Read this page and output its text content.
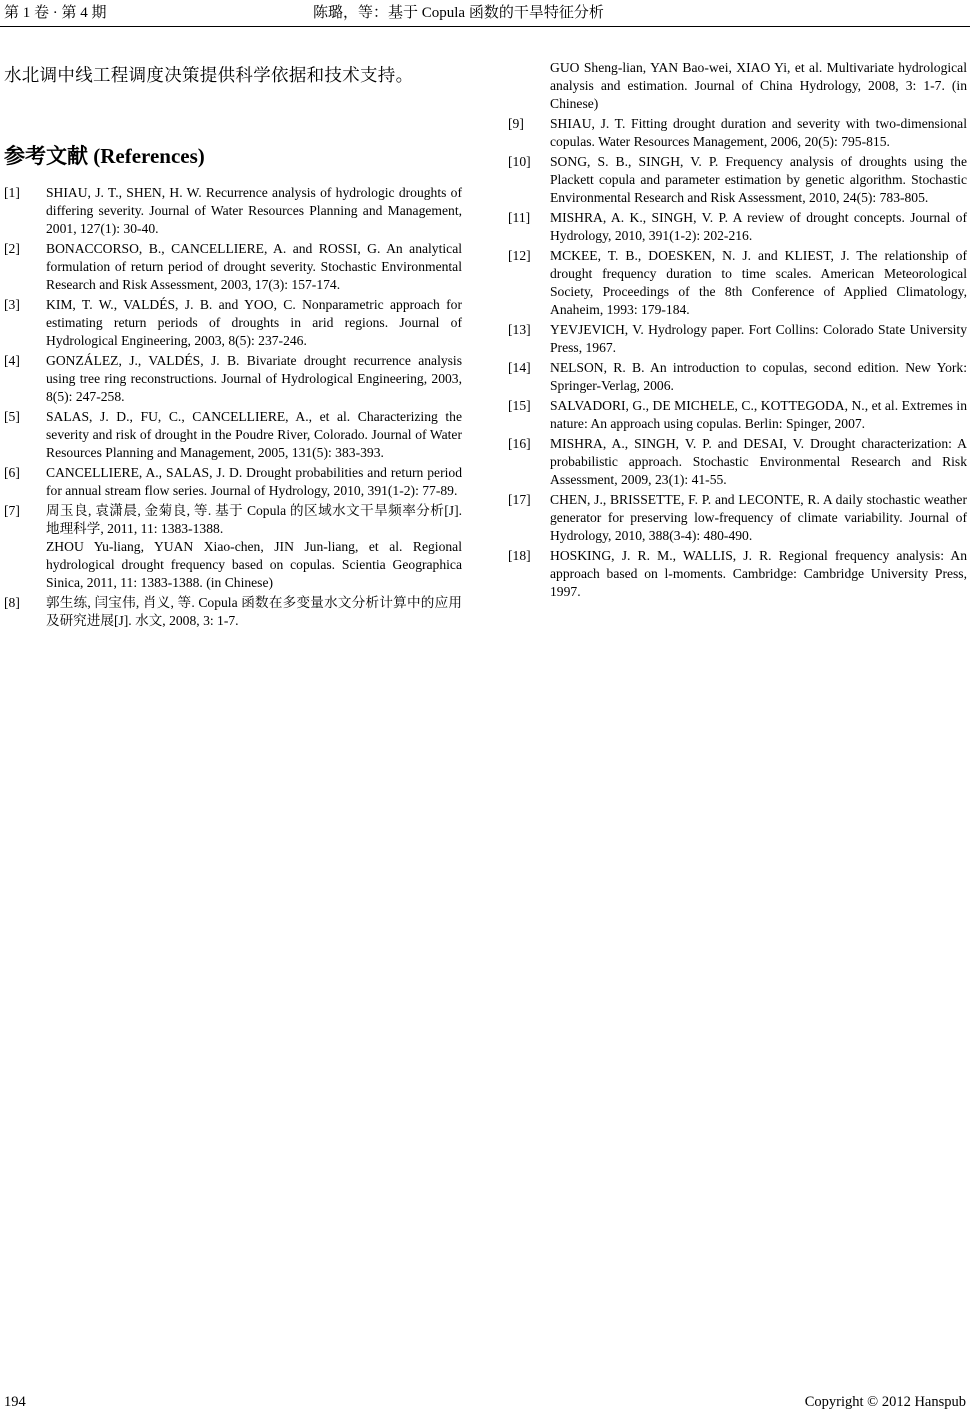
第 1 卷 · 第 4 期	陈璐，等：基于 Copula 函数的干旱特征分析
水北调中线工程调度决策提供科学依据和技术支持。
参考文献 (References)
[1] SHIAU, J. T., SHEN, H. W. Recurrence analysis of hydrologic droughts of differing severity. Journal of Water Resources Planning and Management, 2001, 127(1): 30-40.
[2] BONACCORSO, B., CANCELLIERE, A. and ROSSI, G. An analytical formulation of return period of drought severity. Stochastic Environmental Research and Risk Assessment, 2003, 17(3): 157-174.
[3] KIM, T. W., VALDÉS, J. B. and YOO, C. Nonparametric approach for estimating return periods of droughts in arid regions. Journal of Hydrological Engineering, 2003, 8(5): 237-246.
[4] GONZÁLEZ, J., VALDÉS, J. B. Bivariate drought recurrence analysis using tree ring reconstructions. Journal of Hydrological Engineering, 2003, 8(5): 247-258.
[5] SALAS, J. D., FU, C., CANCELLIERE, A., et al. Characterizing the severity and risk of drought in the Poudre River, Colorado. Journal of Water Resources Planning and Management, 2005, 131(5): 383-393.
[6] CANCELLIERE, A., SALAS, J. D. Drought probabilities and return period for annual stream flow series. Journal of Hydrology, 2010, 391(1-2): 77-89.
[7] 周玉良, 袁潇晨, 金菊良, 等. 基于 Copula 的区域水文干旱频率分析[J]. 地理科学, 2011, 11: 1383-1388.
ZHOU Yu-liang, YUAN Xiao-chen, JIN Jun-liang, et al. Regional hydrological drought frequency based on copulas. Scientia Geographica Sinica, 2011, 11: 1383-1388. (in Chinese)
[8] 郭生练, 闫宝伟, 肖义, 等. Copula 函数在多变量水文分析计算中的应用及研究进展[J]. 水文, 2008, 3: 1-7.
GUO Sheng-lian, YAN Bao-wei, XIAO Yi, et al. Multivariate hydrological analysis and estimation. Journal of China Hydrology, 2008, 3: 1-7. (in Chinese)
[9] SHIAU, J. T. Fitting drought duration and severity with two-dimensional copulas. Water Resources Management, 2006, 20(5): 795-815.
[10] SONG, S. B., SINGH, V. P. Frequency analysis of droughts using the Plackett copula and parameter estimation by genetic algorithm. Stochastic Environmental Research and Risk Assessment, 2010, 24(5): 783-805.
[11] MISHRA, A. K., SINGH, V. P. A review of drought concepts. Journal of Hydrology, 2010, 391(1-2): 202-216.
[12] MCKEE, T. B., DOESKEN, N. J. and KLIEST, J. The relationship of drought frequency duration to time scales. American Meteorological Society, Proceedings of the 8th Conference of Applied Climatology, Anaheim, 1993: 179-184.
[13] YEVJEVICH, V. Hydrology paper. Fort Collins: Colorado State University Press, 1967.
[14] NELSON, R. B. An introduction to copulas, second edition. New York: Springer-Verlag, 2006.
[15] SALVADORI, G., DE MICHELE, C., KOTTEGODA, N., et al. Extremes in nature: An approach using copulas. Berlin: Spinger, 2007.
[16] MISHRA, A., SINGH, V. P. and DESAI, V. Drought characterization: A probabilistic approach. Stochastic Environmental Research and Risk Assessment, 2009, 23(1): 41-55.
[17] CHEN, J., BRISSETTE, F. P. and LECONTE, R. A daily stochastic weather generator for preserving low-frequency of climate variability. Journal of Hydrology, 2010, 388(3-4): 480-490.
[18] HOSKING, J. R. M., WALLIS, J. R. Regional frequency analysis: An approach based on l-moments. Cambridge: Cambridge University Press, 1997.
194	Copyright © 2012 Hanspub
